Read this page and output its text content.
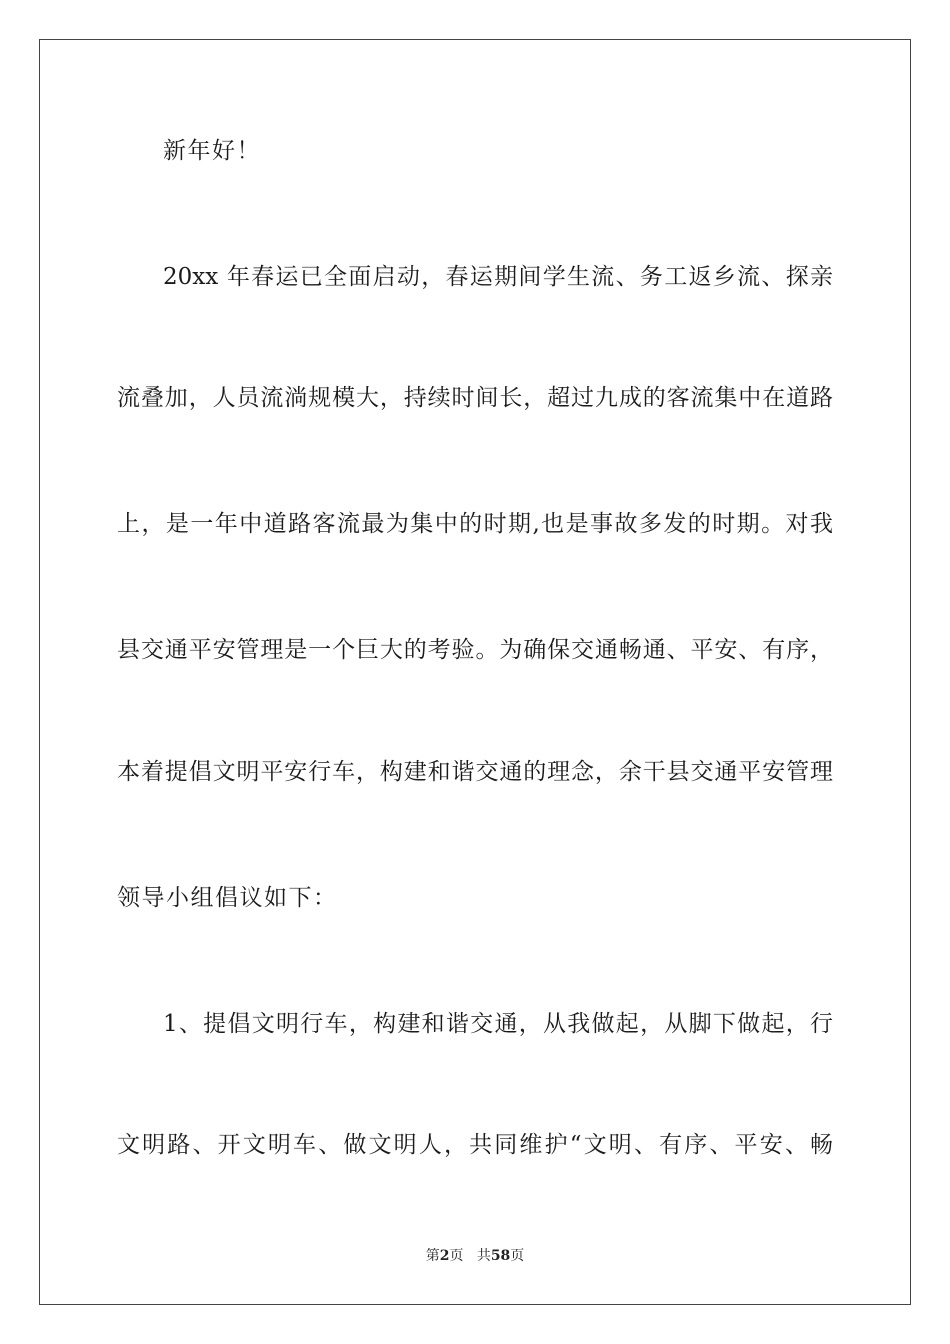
新年好！
20xx 年春运已全面启动，春运期间学生流、务工返乡流、探亲
流叠加，人员流淌规模大，持续时间长，超过九成的客流集中在道路
上，是一年中道路客流最为集中的时期,也是事故多发的时期。对我
县交通平安管理是一个巨大的考验。为确保交通畅通、平安、有序，
本着提倡文明平安行车，构建和谐交通的理念，余干县交通平安管理
领导小组倡议如下：
1、提倡文明行车，构建和谐交通，从我做起，从脚下做起，行
文明路、开文明车、做文明人，共同维护“文明、有序、平安、畅
第2页 共58页
